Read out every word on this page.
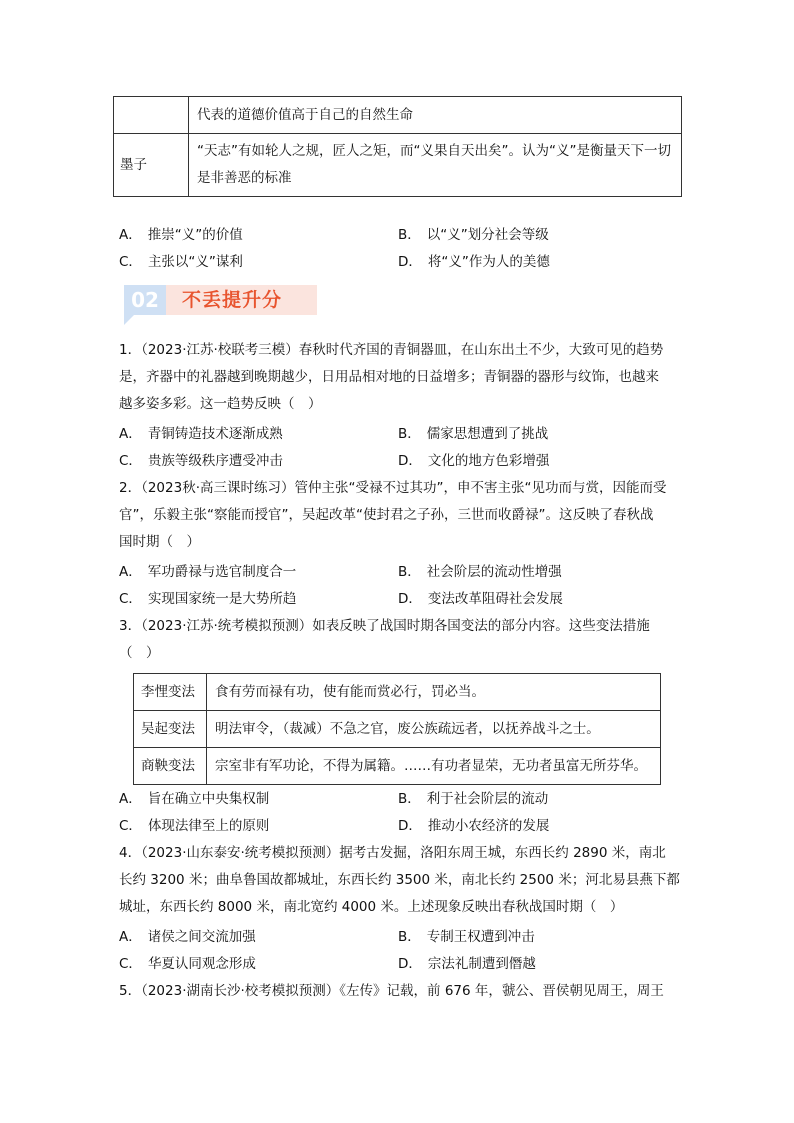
	代表的道德价值高于自己的自然生命

墨子	“天志”有如轮人之规，匠人之矩，而“义果自天出矣”。认为“义”是衡量天下一切
是非善恶的标准
A． 推崇“义”的价值	B． 以“义”划分社会等级
C． 主张以“义”谋利	D． 将“义”作为人的美德
02	不丢提升分
1．（2023·江苏·校联考三模）春秋时代齐国的青铜器皿，在山东出土不少，大致可见的趋势
是，齐器中的礼器越到晚期越少，日用品相对地的日益增多；青铜器的器形与纹饰，也越来
越多姿多彩。这一趋势反映（　）
A． 青铜铸造技术逐渐成熟	B． 儒家思想遭到了挑战
C． 贵族等级秩序遭受冲击	D． 文化的地方色彩增强
2．（2023秋·高三课时练习）管仲主张“受禄不过其功”，申不害主张“见功而与赏，因能而受
官”，乐毅主张“察能而授官”，吴起改革“使封君之子孙，三世而收爵禄”。这反映了春秋战
国时期（　）
A． 军功爵禄与选官制度合一	B． 社会阶层的流动性增强
C． 实现国家统一是大势所趋	D． 变法改革阻碍社会发展
3．（2023·江苏·统考模拟预测）如表反映了战国时期各国变法的部分内容。这些变法措施
（　）
李悝变法	食有劳而禄有功，使有能而赏必行，罚必当。
吴起变法	明法审令，（裁减）不急之官，废公族疏远者，以抚养战斗之士。
商鞅变法	宗室非有军功论，不得为属籍。……有功者显荣，无功者虽富无所芬华。
A． 旨在确立中央集权制	B． 利于社会阶层的流动
C． 体现法律至上的原则	D． 推动小农经济的发展
4．（2023·山东泰安·统考模拟预测）据考古发掘，洛阳东周王城，东西长约 2890 米，南北
长约 3200 米；曲阜鲁国故都城址，东西长约 3500 米，南北长约 2500 米；河北易县燕下都
城址，东西长约 8000 米，南北宽约 4000 米。上述现象反映出春秋战国时期（　）
A． 诸侯之间交流加强	B． 专制王权遭到冲击
C． 华夏认同观念形成	D． 宗法礼制遭到僭越
5．（2023·湖南长沙·校考模拟预测）《左传》记载，前 676 年，虢公、晋侯朝见周王，周王
